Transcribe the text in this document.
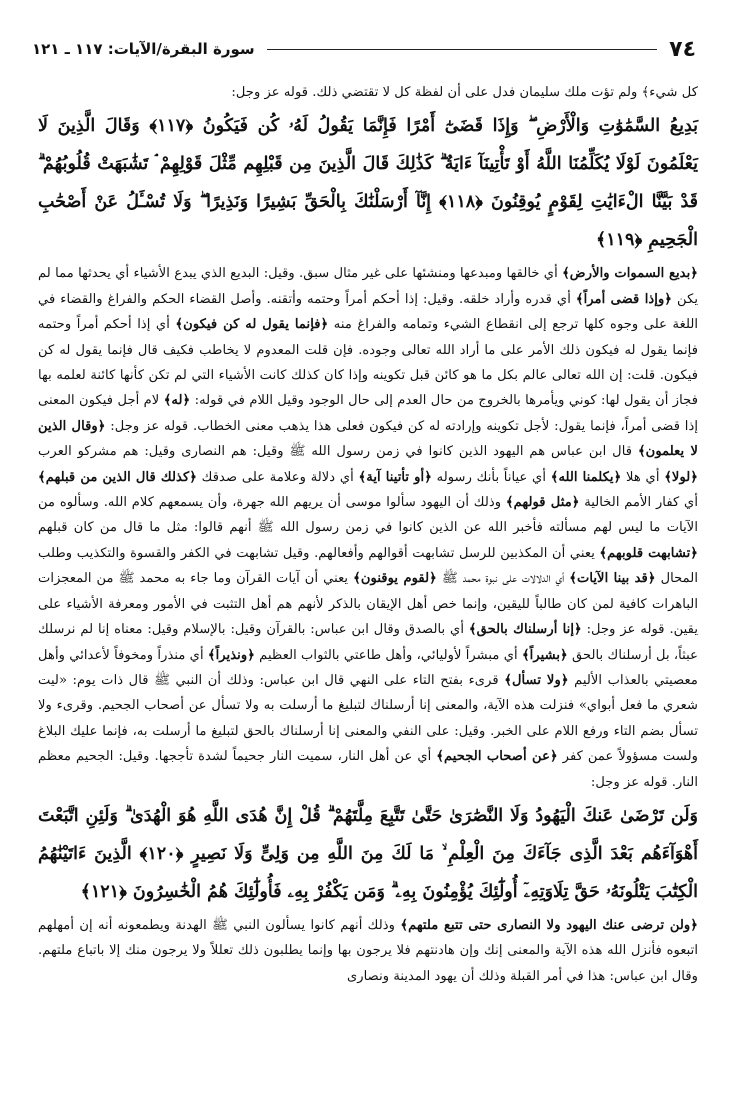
سورة البقرة/الآيات: ١١٧ ـ ١٢١	٧٤

كل شيء﴾ ولم تؤت ملك سليمان فدل على أن لفظة كل لا تقتضي ذلك. قوله عز وجل:

بَدِيعُ السَّمَٰوَٰتِ وَالْأَرْضِ ۖ وَإِذَا قَضَىٰٓ أَمْرًا فَإِنَّمَا يَقُولُ لَهُۥ كُن فَيَكُونُ ﴿١١٧﴾ وَقَالَ الَّذِينَ لَا يَعْلَمُونَ لَوْلَا يُكَلِّمُنَا اللَّهُ أَوْ تَأْتِينَآ ءَايَةٌ ۗ كَذَٰلِكَ قَالَ الَّذِينَ مِن قَبْلِهِم مِّثْلَ قَوْلِهِمْ ۘ تَشَٰبَهَتْ قُلُوبُهُمْ ۗ قَدْ بَيَّنَّا الْءَايَٰتِ لِقَوْمٍ يُوقِنُونَ ﴿١١٨﴾ إِنَّآ أَرْسَلْنَٰكَ بِالْحَقِّ بَشِيرًا وَنَذِيرًا ۖ وَلَا تُسْـَٔلُ عَنْ أَصْحَٰبِ الْجَحِيمِ ﴿١١٩﴾

﴿بديع السموات والأرض﴾ أي خالقها ومبدعها ومنشئها على غير مثال سبق. وقيل: البديع الذي يبدع الأشياء أي يحدثها مما لم يكن ﴿وإذا قضى أمراً﴾ أي قدره وأراد خلقه. وقيل: إذا أحكم أمراً وحتمه وأتقنه. وأصل القضاء الحكم والفراغ والقضاء في اللغة على وجوه كلها ترجع إلى انقطاع الشيء وتمامه والفراغ منه ﴿فإنما يقول له كن فيكون﴾ أي إذا أحكم أمراً وحتمه فإنما يقول له فيكون ذلك الأمر على ما أراد الله تعالى وجوده. فإن قلت المعدوم لا يخاطب فكيف قال فإنما يقول له كن فيكون. قلت: إن الله تعالى عالم بكل ما هو كائن قبل تكوينه وإذا كان كذلك كانت الأشياء التي لم تكن كأنها كائنة لعلمه بها فجاز أن يقول لها: كوني ويأمرها بالخروج من حال العدم إلى حال الوجود وقيل اللام في قوله: ﴿له﴾ لام أجل فيكون المعنى إذا قضى أمراً، فإنما يقول: لأجل تكوينه وإرادته له كن فيكون فعلى هذا يذهب معنى الخطاب. قوله عز وجل: ﴿وقال الذين لا يعلمون﴾ قال ابن عباس هم اليهود الذين كانوا في زمن رسول الله ﷺ وقيل: هم النصارى وقيل: هم مشركو العرب ﴿لولا﴾ أي هلا ﴿يكلمنا الله﴾ أي عياناً بأنك رسوله ﴿أو تأتينا آية﴾ أي دلالة وعلامة على صدقك ﴿كذلك قال الذين من قبلهم﴾ أي كفار الأمم الخالية ﴿مثل قولهم﴾ وذلك أن اليهود سألوا موسى أن يريهم الله جهرة، وأن يسمعهم كلام الله. وسألوه من الآيات ما ليس لهم مسألته فأخبر الله عن الذين كانوا في زمن رسول الله ﷺ أنهم قالوا: مثل ما قال من كان قبلهم ﴿تشابهت قلوبهم﴾ يعني أن المكذبين للرسل تشابهت أقوالهم وأفعالهم. وقيل تشابهت في الكفر والقسوة والتكذيب وطلب المحال ﴿قد بينا الآيات﴾ أي الدلالات على نبوة محمد ﷺ ﴿لقوم يوقنون﴾ يعني أن آيات القرآن وما جاء به محمد ﷺ من المعجزات الباهرات كافية لمن كان طالباً لليقين، وإنما خص أهل الإيقان بالذكر لأنهم هم أهل التثبت في الأمور ومعرفة الأشياء على يقين. قوله عز وجل: ﴿إنا أرسلناك بالحق﴾ أي بالصدق وقال ابن عباس: بالقرآن وقيل: بالإسلام وقيل: معناه إنا لم نرسلك عبثاً، بل أرسلناك بالحق ﴿بشيراً﴾ أي مبشراً لأوليائي، وأهل طاعتي بالثواب العظيم ﴿ونذيراً﴾ أي منذراً ومخوفاً لأعدائي وأهل معصيتي بالعذاب الأليم ﴿ولا تسأل﴾ قرىء بفتح التاء على النهي قال ابن عباس: وذلك أن النبي ﷺ قال ذات يوم: «ليت شعري ما فعل أبواي» فنزلت هذه الآية، والمعنى إنا أرسلناك لتبليغ ما أرسلت به ولا تسأل عن أصحاب الجحيم. وقرىء ولا تسأل بضم التاء ورفع اللام على الخبر. وقيل: على النفي والمعنى إنا أرسلناك بالحق لتبليغ ما أرسلت به، فإنما عليك البلاغ ولست مسؤولاً عمن كفر ﴿عن أصحاب الجحيم﴾ أي عن أهل النار، سميت النار جحيماً لشدة تأججها. وقيل: الجحيم معظم النار. قوله عز وجل:

وَلَن تَرْضَىٰ عَنكَ الْيَهُودُ وَلَا النَّصَٰرَىٰ حَتَّىٰ تَتَّبِعَ مِلَّتَهُمْ ۗ قُلْ إِنَّ هُدَى اللَّهِ هُوَ الْهُدَىٰ ۗ وَلَئِنِ اتَّبَعْتَ أَهْوَآءَهُم بَعْدَ الَّذِى جَآءَكَ مِنَ الْعِلْمِ ۙ مَا لَكَ مِنَ اللَّهِ مِن وَلِىٍّ وَلَا نَصِيرٍ ﴿١٢٠﴾ الَّذِينَ ءَاتَيْنَٰهُمُ الْكِتَٰبَ يَتْلُونَهُۥ حَقَّ تِلَاوَتِهِۦٓ أُولَٰٓئِكَ يُؤْمِنُونَ بِهِۦ ۗ وَمَن يَكْفُرْ بِهِۦ فَأُولَٰٓئِكَ هُمُ الْخَٰسِرُونَ ﴿١٢١﴾

﴿ولن ترضى عنك اليهود ولا النصارى حتى تتبع ملتهم﴾ وذلك أنهم كانوا يسألون النبي ﷺ الهدنة ويطمعونه أنه إن أمهلهم اتبعوه فأنزل الله هذه الآية والمعنى إنك وإن هادنتهم فلا يرجون بها وإنما يطلبون ذلك تعللاً ولا يرجون منك إلا باتباع ملتهم. وقال ابن عباس: هذا في أمر القبلة وذلك أن يهود المدينة ونصارى
